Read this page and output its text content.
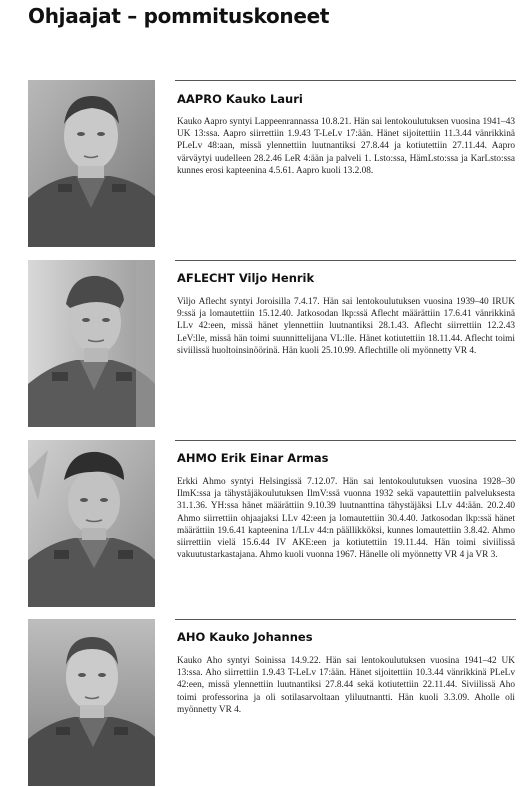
Ohjaajat – pommituskoneet
AAPRO Kauko Lauri

Kauko Aapro syntyi Lappeenrannassa 10.8.21. Hän sai lentokoulutuksen vuosina 1941–43 UK 13:ssa. Aapro siirrettiin 1.9.43 T-LeLv 17:ään. Hänet sijoitettiin 11.3.44 vänrikkinä PLeLv 48:aan, missä ylennettiin luutnantiksi 27.8.44 ja kotiutettiin 27.11.44. Aapro värväytyi uudelleen 28.2.46 LeR 4:ään ja palveli 1. Lsto:ssa, HämLsto:ssa ja KarLsto:ssa kunnes erosi kapteenina 4.5.61. Aapro kuoli 13.2.08.

AFLECHT Viljo Henrik

Viljo Aflecht syntyi Joroisilla 7.4.17. Hän sai lentokoulutuksen vuosina 1939–40 IRUK 9:ssä ja lomautettiin 15.12.40. Jatkosodan lkp:ssä Aflecht määrättiin 17.6.41 vänrikkinä LLv 42:een, missä hänet ylennettiin luutnantiksi 28.1.43. Aflecht siirrettiin 12.2.43 LeV:lle, missä hän toimi suunnittelijana VL:lle. Hänet kotiutettiin 18.11.44. Aflecht toimi siviilissä huoltoinsinöörinä. Hän kuoli 25.10.99. Aflechtille oli myönnetty VR 4.

AHMO Erik Einar Armas

Erkki Ahmo syntyi Helsingissä 7.12.07. Hän sai lentokoulutuksen vuosina 1928–30 IlmK:ssa ja tähystäjäkoulutuksen IlmV:ssä vuonna 1932 sekä vapautettiin palveluksesta 31.1.36. YH:ssa hänet määrättiin 9.10.39 luutnanttina tähystäjäksi LLv 44:ään. 20.2.40 Ahmo siirrettiin ohjaajaksi LLv 42:een ja lomautettiin 30.4.40. Jatkosodan lkp:ssä hänet määrättiin 19.6.41 kapteenina 1/LLv 44:n päällikköksi, kunnes lomautettiin 3.8.42. Ahmo siirrettiin vielä 15.6.44 IV AKE:een ja kotiutettiin 19.11.44. Hän toimi siviilissä vakuutustarkastajana. Ahmo kuoli vuonna 1967. Hänelle oli myönnetty VR 4 ja VR 3.

AHO Kauko Johannes

Kauko Aho syntyi Soinissa 14.9.22. Hän sai lentokoulutuksen vuosina 1941–42 UK 13:ssa. Aho siirrettiin 1.9.43 T-LeLv 17:ään. Hänet sijoitettiin 10.3.44 vänrikkinä PLeLv 42:een, missä ylennettiin luutnantiksi 27.8.44 sekä kotiutettiin 22.11.44. Siviilissä Aho toimi professorina ja oli sotilasarvoltaan yliluutnantti. Hän kuoli 3.3.09. Aholle oli myönnetty VR 4.
